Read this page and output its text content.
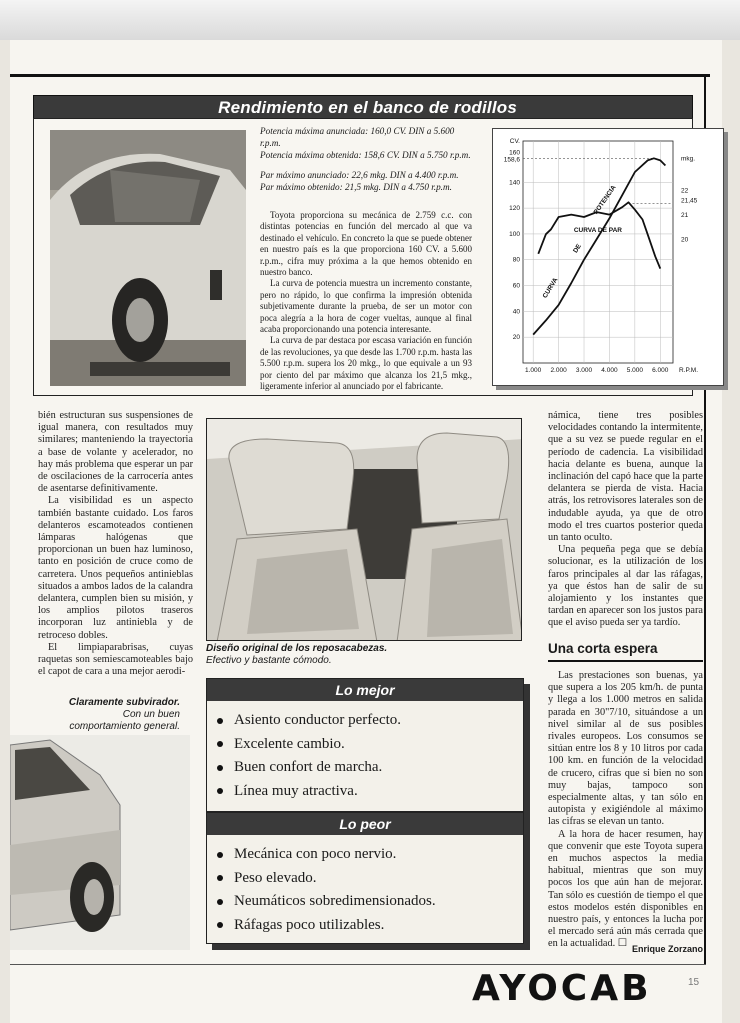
Rendimiento en el banco de rodillos

Potencia máxima anunciada: 160,0 CV. DIN a 5.600 r.p.m.

Potencia máxima obtenida: 158,6 CV. DIN a 5.750 r.p.m.

Par máximo anunciado: 22,6 mkg. DIN a 4.400 r.p.m.

Par máximo obtenido: 21,5 mkg. DIN a 4.750 r.p.m.

Toyota proporciona su mecánica de 2.759 c.c. con distintas potencias en función del mercado al que va destinado el vehículo. En concreto la que se puede obtener en nuestro país es la que proporciona 160 CV. a 5.600 r.p.m., cifra muy próxima a la que hemos obtenido en nuestro banco.

La curva de potencia muestra un incremento constante, pero no rápido, lo que confirma la impresión obtenida subjetivamente durante la prueba, de ser un motor con poca alegría a la hora de coger vueltas, aunque al final acaba proporcionando una potencia interesante.

La curva de par destaca por escasa variación en función de las revoluciones, ya que desde las 1.700 r.p.m. hasta las 5.500 r.p.m. supera los 20 mkg., lo que equivale a un 93 por ciento del par máximo que alcanza los 21,5 mkg., ligeramente inferior al anunciado por el fabricante.

1.000 2.000 3.000 4.000 5.000 6.000
20
40
60
80
100
120
140
158,6
160
20
21
21,45
22
CV.
mkg.
R.P.M.
CURVA
DE
POTENCIA
CURVA DE PAR

bién estructuran sus suspensiones de igual manera, con resultados muy similares; manteniendo la trayectoria a base de volante y acelerador, no hay más problema que esperar un par de oscilaciones de la carrocería antes de asentarse definitivamente.

La visibilidad es un aspecto también bastante cuidado. Los faros delanteros escamoteados contienen lámparas halógenas que proporcionan un buen haz luminoso, tanto en posición de cruce como de carretera. Unos pequeños antinieblas situados a ambos lados de la calandra delantera, cumplen bien su misión, y los amplios pilotos traseros incorporan luz antiniebla y de retroceso dobles.

El limpiaparabrisas, cuyas raquetas son semiescamoteables bajo el capot de cara a una mejor aerodi-

Diseño original de los reposacabezas.
Efectivo y bastante cómodo.

námica, tiene tres posibles velocidades contando la intermitente, que a su vez se puede regular en el período de cadencia. La visibilidad hacia delante es buena, aunque la inclinación del capó hace que la parte delantera se pierda de vista. Hacia atrás, los retrovisores laterales son de indudable ayuda, ya que de otro modo el tres cuartos posterior queda un tanto oculto.

Una pequeña pega que se debía solucionar, es la utilización de los faros principales al dar las ráfagas, ya que éstos han de salir de su alojamiento y los instantes que tardan en aparecer son los justos para que el aviso pueda ser ya tardío.

Una corta espera

Las prestaciones son buenas, ya que supera a los 205 km/h. de punta y llega a los 1.000 metros en salida parada en 30"7/10, situándose a un nivel similar al de sus posibles rivales europeos. Los consumos se sitúan entre los 8 y 10 litros por cada 100 km. en función de la velocidad de crucero, cifras que si bien no son muy bajas, tampoco son especialmente altas, y tan sólo en autopista y exigiéndole al máximo las cifras se elevan un tanto.

A la hora de hacer resumen, hay que convenir que este Toyota supera en muchos aspectos la media habitual, mientras que son muy pocos los que aún han de mejorar. Tan sólo es cuestión de tiempo el que estos modelos estén disponibles en nuestro país, y entonces la lucha por el mercado será aún más cerrada que en la actualidad. ☐

Claramente subvirador.
Con un buen
comportamiento general.
Lo mejor
Asiento conductor perfecto.
Excelente cambio.
Buen confort de marcha.
Línea muy atractiva.
Lo peor
Mecánica con poco nervio.
Peso elevado.
Neumáticos sobredimensionados.
Ráfagas poco utilizables.
Enrique Zorzano
AYOCAB	15
